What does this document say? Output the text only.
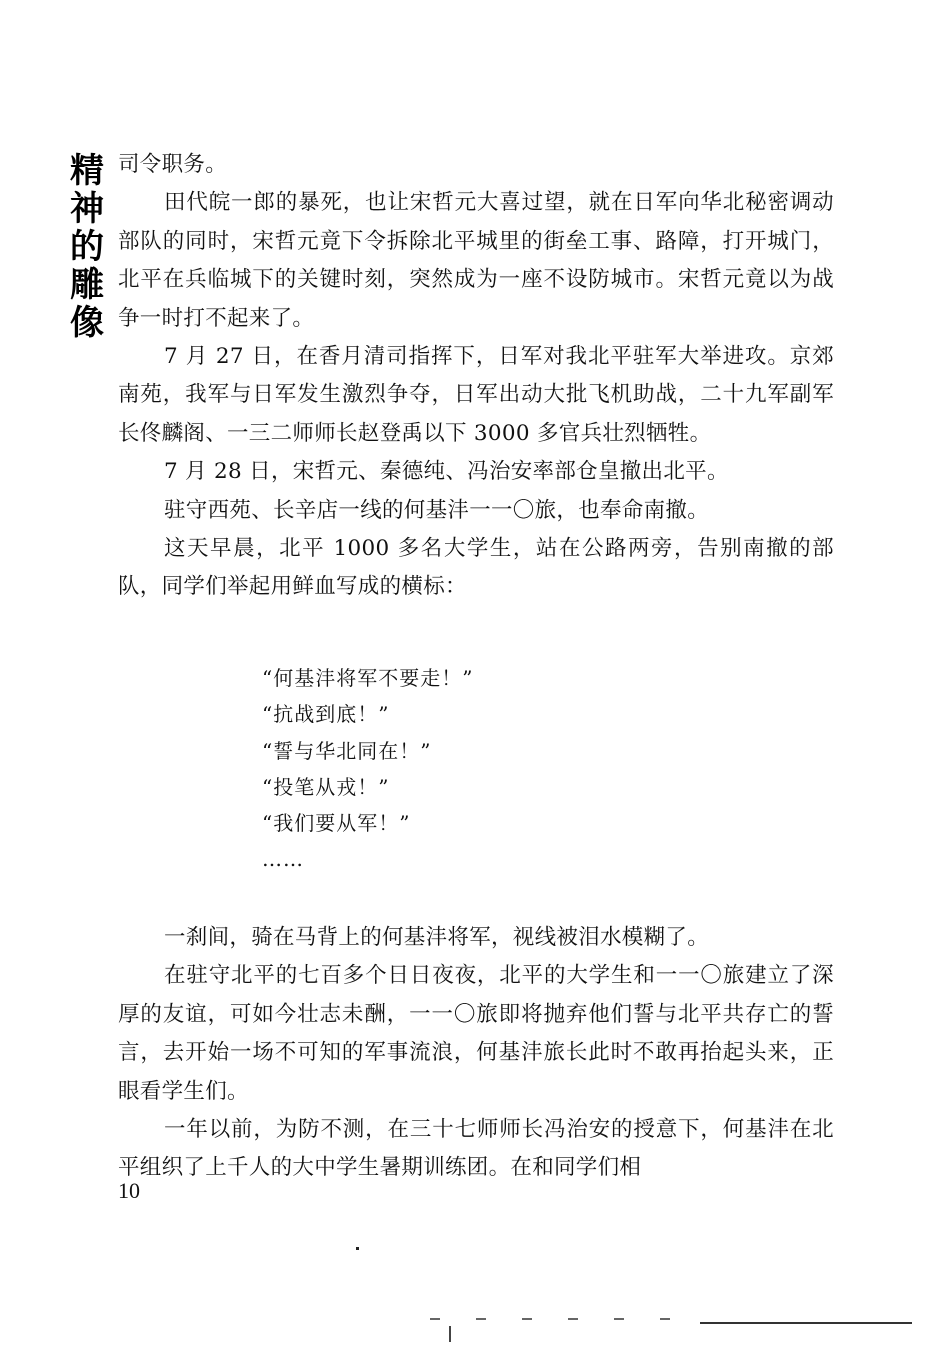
精
神
的
雕
像

司令职务。

田代皖一郎的暴死，也让宋哲元大喜过望，就在日军向华北秘密调动部队的同时，宋哲元竟下令拆除北平城里的街垒工事、路障，打开城门，北平在兵临城下的关键时刻，突然成为一座不设防城市。宋哲元竟以为战争一时打不起来了。

7 月 27 日，在香月清司指挥下，日军对我北平驻军大举进攻。京郊南苑，我军与日军发生激烈争夺，日军出动大批飞机助战，二十九军副军长佟麟阁、一三二师师长赵登禹以下 3000 多官兵壮烈牺牲。

7 月 28 日，宋哲元、秦德纯、冯治安率部仓皇撤出北平。

驻守西苑、长辛店一线的何基沣一一〇旅，也奉命南撤。

这天早晨，北平 1000 多名大学生，站在公路两旁，告别南撤的部队，同学们举起用鲜血写成的横标：

“何基沣将军不要走！”
“抗战到底！”
“誓与华北同在！”
“投笔从戎！”
“我们要从军！”
……

一刹间，骑在马背上的何基沣将军，视线被泪水模糊了。

在驻守北平的七百多个日日夜夜，北平的大学生和一一〇旅建立了深厚的友谊，可如今壮志未酬，一一〇旅即将抛弃他们誓与北平共存亡的誓言，去开始一场不可知的军事流浪，何基沣旅长此时不敢再抬起头来，正眼看学生们。

一年以前，为防不测，在三十七师师长冯治安的授意下，何基沣在北平组织了上千人的大中学生暑期训练团。在和同学们相

10
